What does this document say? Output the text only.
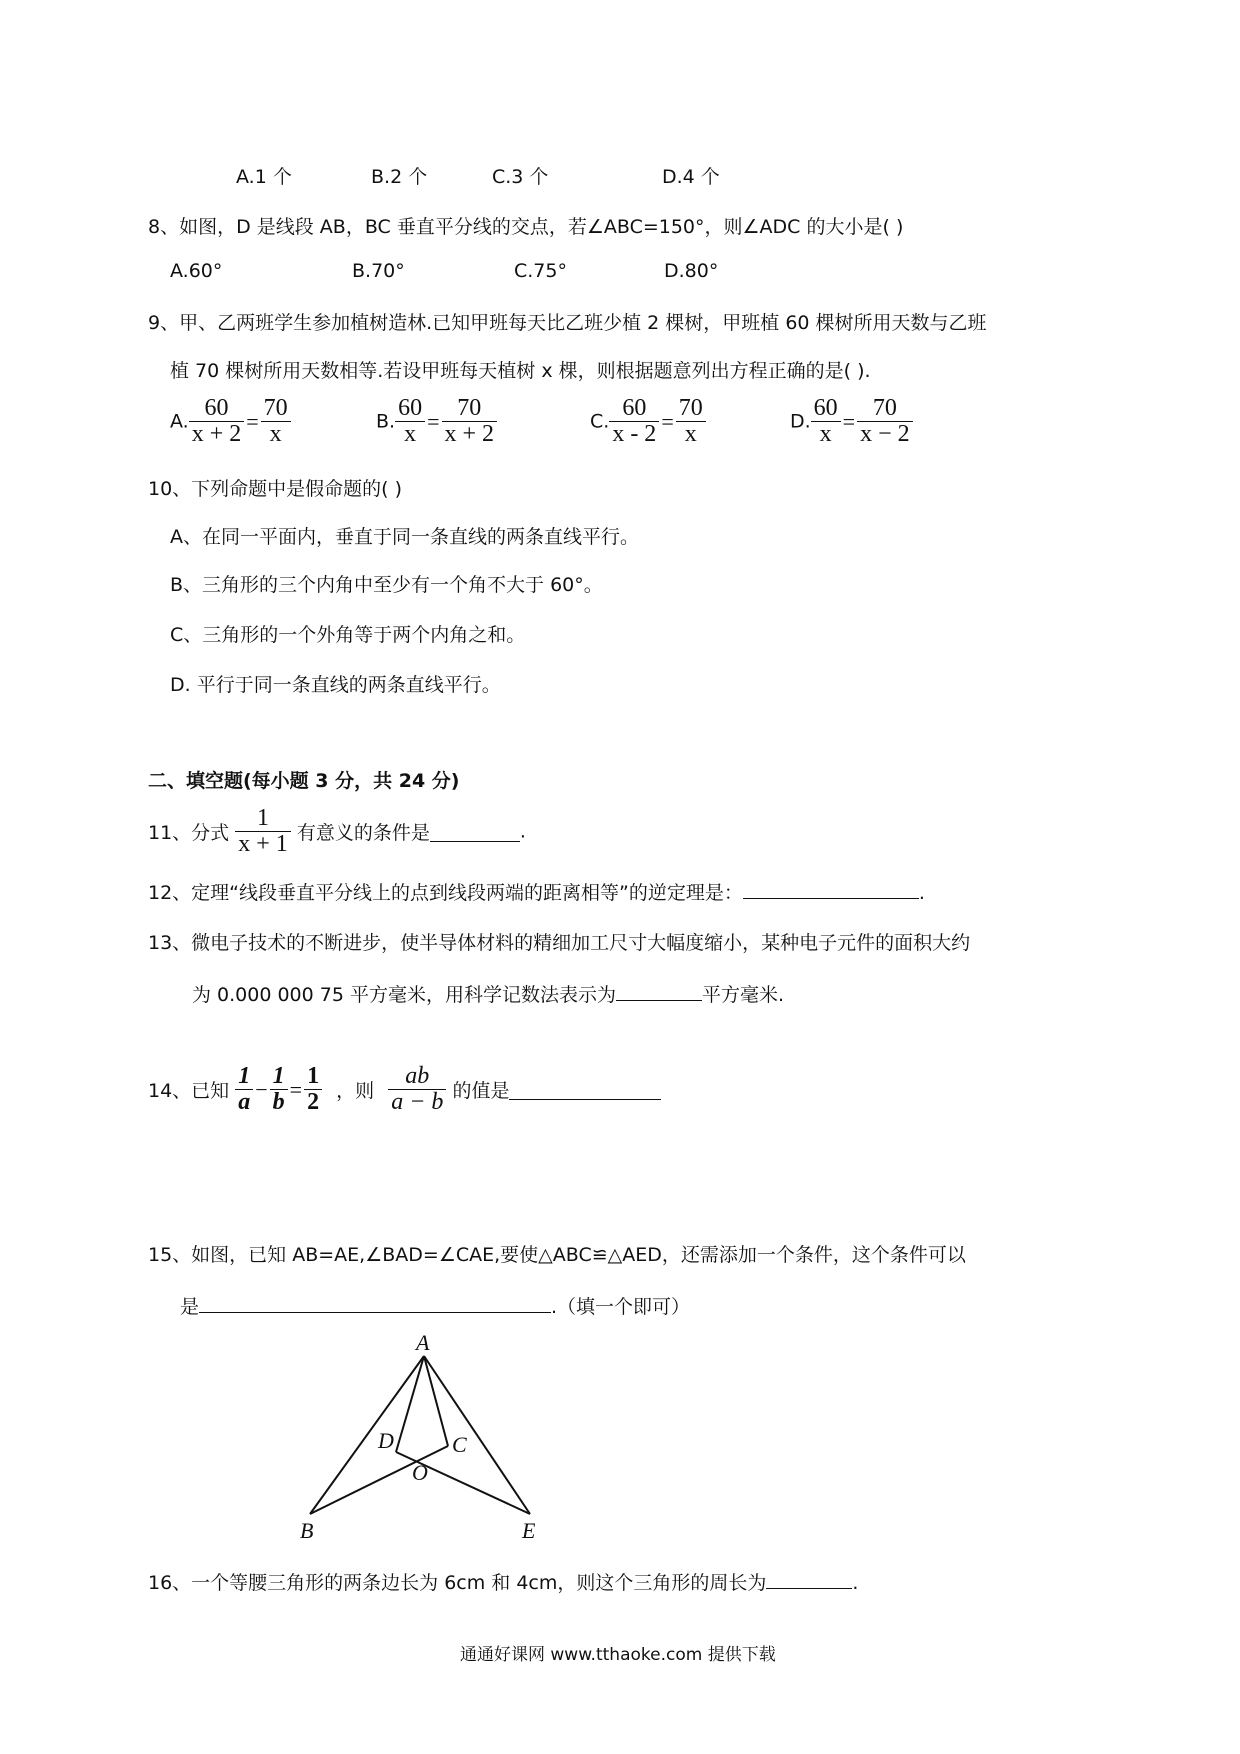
A.1 个	B.2 个	C.3 个	D.4 个
8、如图，D 是线段 AB，BC 垂直平分线的交点，若∠ABC=150°，则∠ADC 的大小是( )
A.60°	B.70°	C.75°	D.80°
9、甲、乙两班学生参加植树造林.已知甲班每天比乙班少植 2 棵树，甲班植 60 棵树所用天数与乙班
植 70 棵树所用天数相等.若设甲班每天植树 x 棵，则根据题意列出方程正确的是( ).
A. $\frac{60}{x + 2} = \frac{70}{x}$	B. $\frac{60}{x} = \frac{70}{x + 2}$	C. $\frac{60}{x - 2} = \frac{70}{x}$	D. $\frac{60}{x} = \frac{70}{x - 2}$
10、下列命题中是假命题的( )
A、在同一平面内，垂直于同一条直线的两条直线平行。
B、三角形的三个内角中至少有一个角不大于 60°。
C、三角形的一个外角等于两个内角之和。
D. 平行于同一条直线的两条直线平行。
二、填空题(每小题 3 分，共 24 分)
11、分式 $\frac{1}{x + 1}$ 有意义的条件是	.
12、定理“线段垂直平分线上的点到线段两端的距离相等”的逆定理是：	.
13、微电子技术的不断进步，使半导体材料的精细加工尺寸大幅度缩小，某种电子元件的面积大约
为 0.000 000 75 平方毫米，用科学记数法表示为	平方毫米.
14、已知 $\frac{1}{a} - \frac{1}{b} = \frac{1}{2}$ ，则 $\frac{ab}{a - b}$ 的值是
15、如图，已知 AB=AE,∠BAD=∠CAE,要使△ABC≌△AED，还需添加一个条件，这个条件可以
是	.（填一个即可）
A
B	E
D	C
O
16、一个等腰三角形的两条边长为 6cm 和 4cm，则这个三角形的周长为	.
通通好课网 www.tthaoke.com 提供下载
